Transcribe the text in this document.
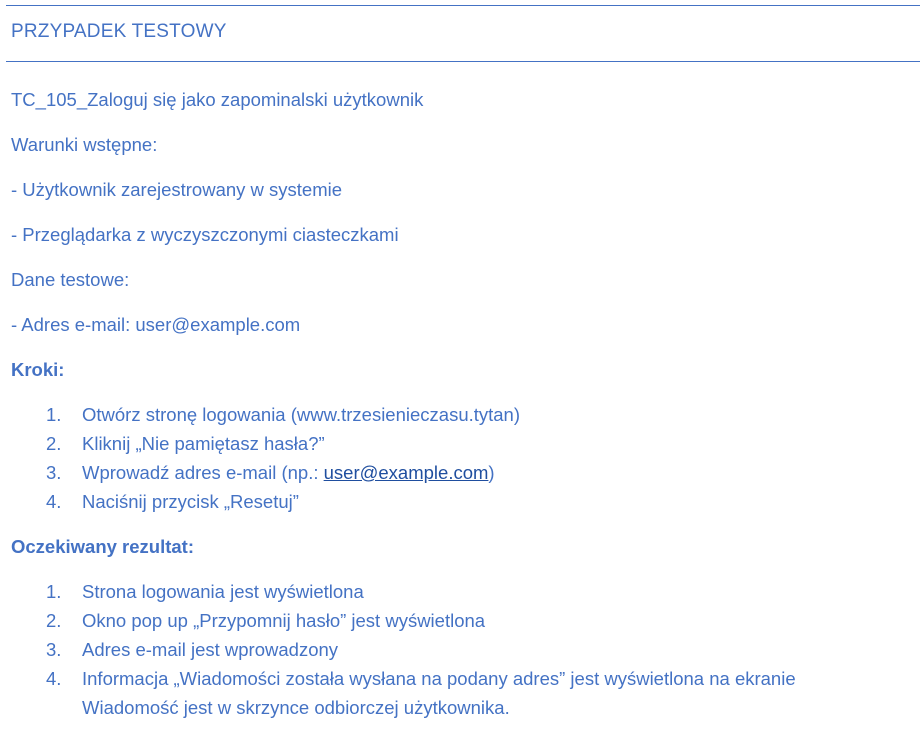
PRZYPADEK TESTOWY
TC_105_Zaloguj się jako zapominalski użytkownik
Warunki wstępne:
- Użytkownik zarejestrowany w systemie
- Przeglądarka z wyczyszczonymi ciasteczkami
Dane testowe:
- Adres e-mail: user@example.com
Kroki:
1. Otwórz stronę logowania (www.trzesienieczasu.tytan)
2. Kliknij „Nie pamiętasz hasła?”
3. Wprowadź adres e-mail (np.: user@example.com)
4. Naciśnij przycisk „Resetuj”
Oczekiwany rezultat:
1. Strona logowania jest wyświetlona
2. Okno pop up „Przypomnij hasło” jest wyświetlona
3. Adres e-mail jest wprowadzony
4. Informacja „Wiadomości została wysłana na podany adres” jest wyświetlona na ekranie
Wiadomość jest w skrzynce odbiorczej użytkownika.
